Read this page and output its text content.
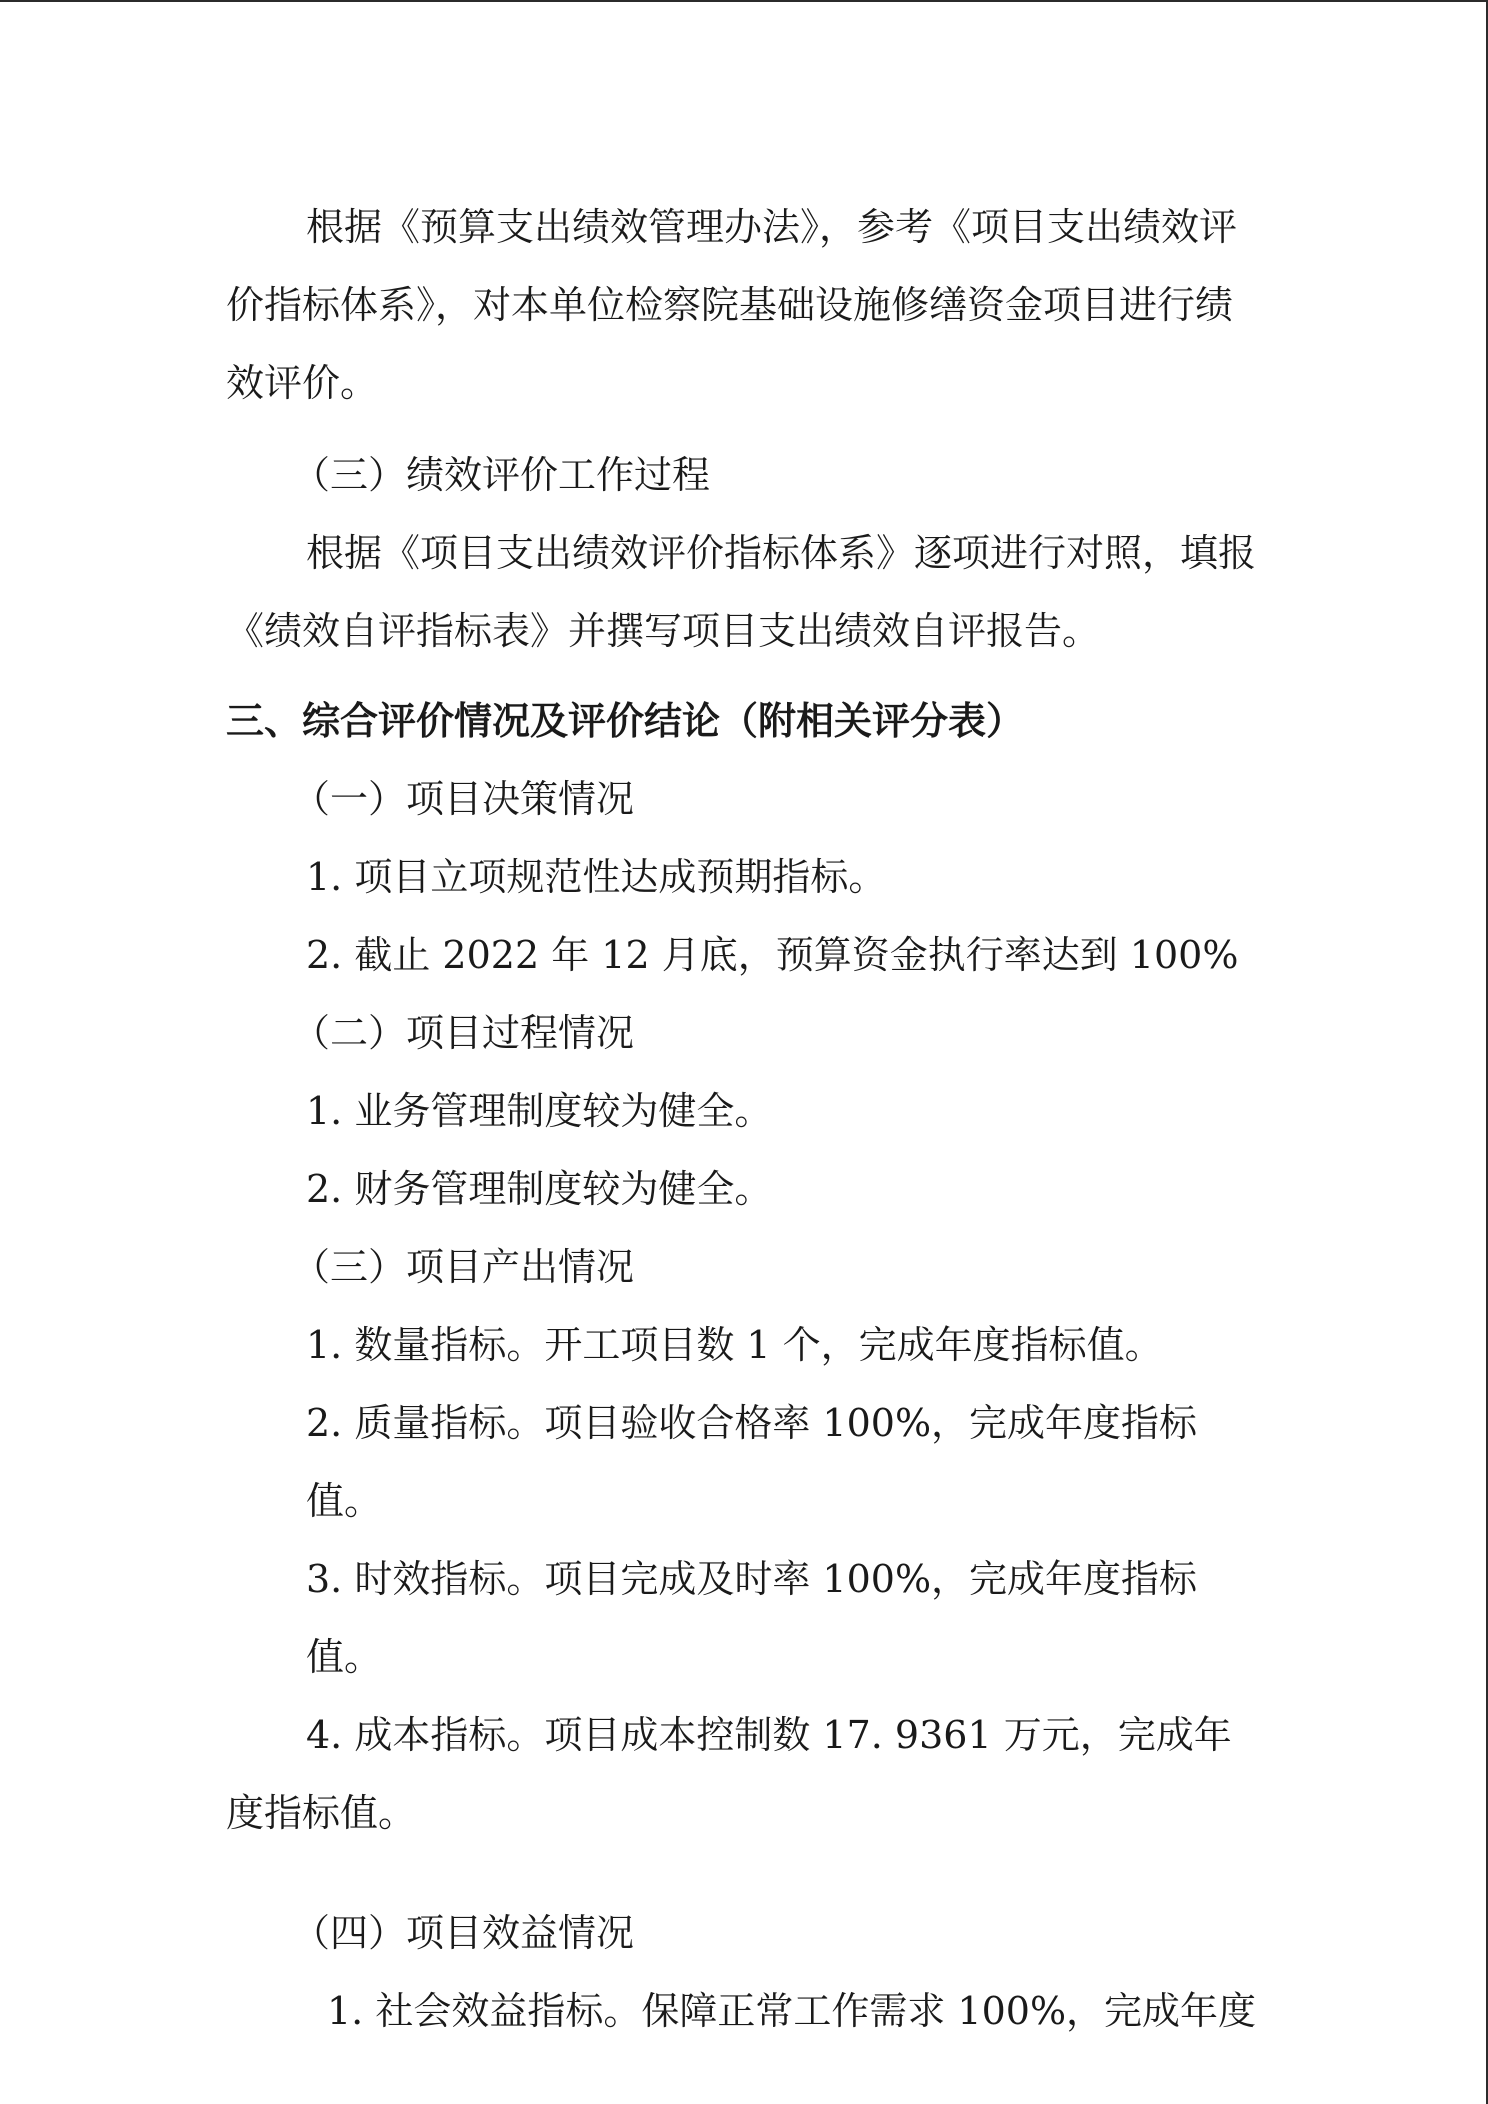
根据《预算支出绩效管理办法》，参考《项目支出绩效评价指标体系》，对本单位检察院基础设施修缮资金项目进行绩效评价。

（三）绩效评价工作过程

根据《项目支出绩效评价指标体系》逐项进行对照，填报《绩效自评指标表》并撰写项目支出绩效自评报告。

三、综合评价情况及评价结论（附相关评分表）

（一）项目决策情况

1. 项目立项规范性达成预期指标。

2. 截止 2022 年 12 月底，预算资金执行率达到 100%

（二）项目过程情况

1. 业务管理制度较为健全。

2. 财务管理制度较为健全。

（三）项目产出情况

1. 数量指标。开工项目数 1 个，完成年度指标值。

2. 质量指标。项目验收合格率 100%，完成年度指标值。

3. 时效指标。项目完成及时率 100%，完成年度指标值。

4. 成本指标。项目成本控制数 17. 9361 万元，完成年度指标值。

（四）项目效益情况

1. 社会效益指标。保障正常工作需求 100%，完成年度
